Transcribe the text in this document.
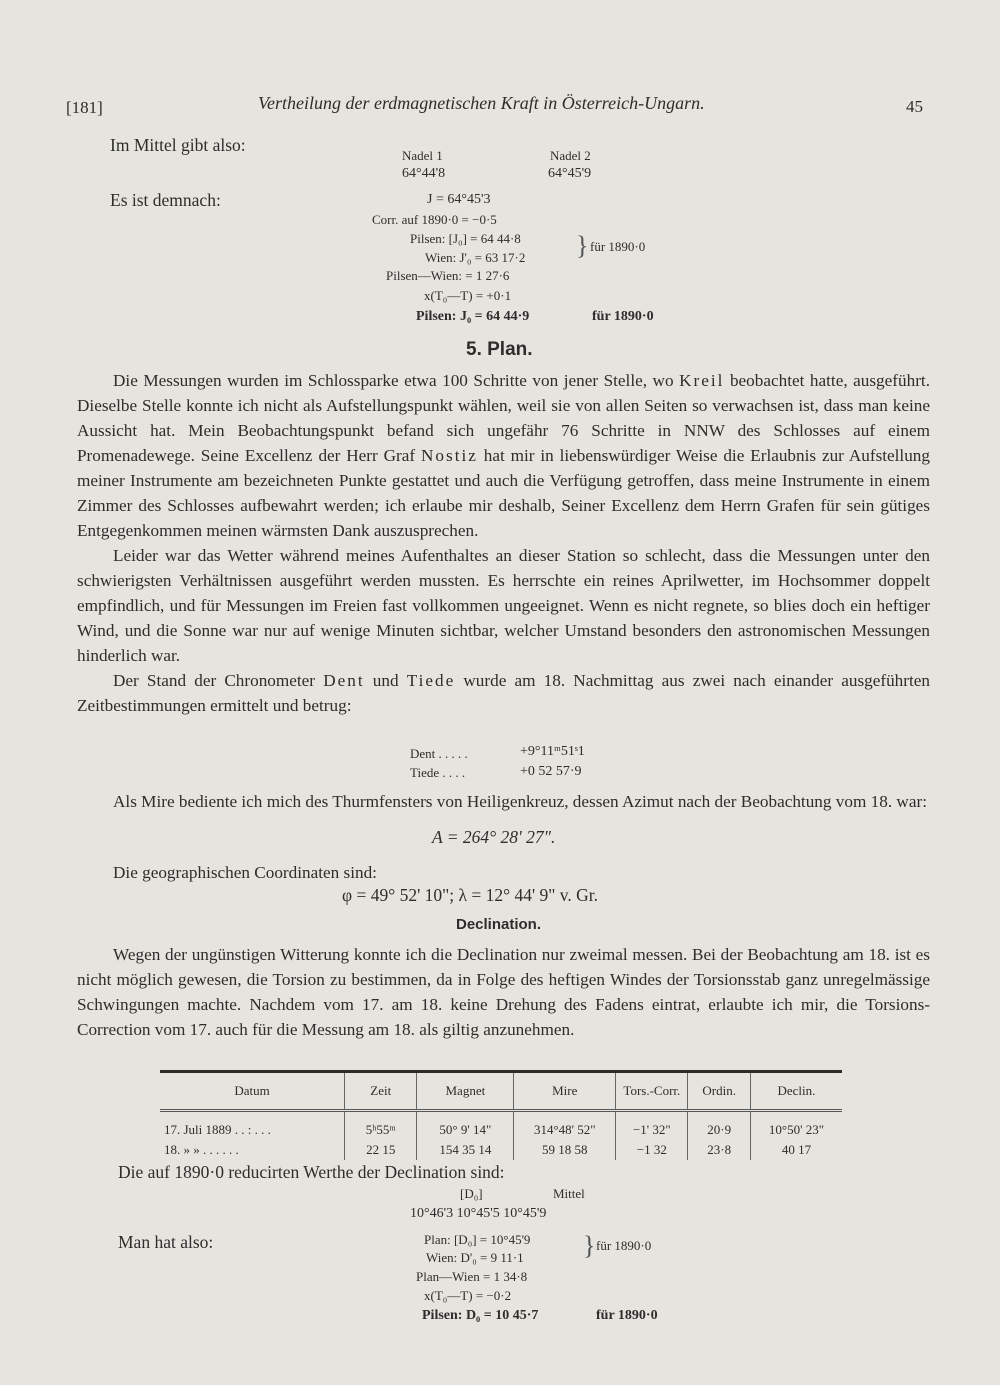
[181]	Vertheilung der erdmagnetischen Kraft in Österreich-Ungarn.	45
Im Mittel gibt also:
Nadel 1	Nadel 2
64°44'8	64°45'9
Es ist demnach:	J = 64°45'3
Corr. auf 1890·0 = −0·5
Pilsen: [J₀] = 64 44·8
Wien: J'₀ = 63 17·2
Pilsen—Wien: = 1 27·6
x(T₀—T) = +0·1
} für 1890·0
Pilsen: J₀ = 64 44·9	für 1890·0
5. Plan.

Die Messungen wurden im Schlossparke etwa 100 Schritte von jener Stelle, wo Kreil beobachtet hatte, ausgeführt. Dieselbe Stelle konnte ich nicht als Aufstellungspunkt wählen, weil sie von allen Seiten so verwachsen ist, dass man keine Aussicht hat. Mein Beobachtungspunkt befand sich ungefähr 76 Schritte in NNW des Schlosses auf einem Promenadewege. Seine Excellenz der Herr Graf Nostiz hat mir in liebenswürdiger Weise die Erlaubnis zur Aufstellung meiner Instrumente am bezeichneten Punkte gestattet und auch die Verfügung getroffen, dass meine Instrumente in einem Zimmer des Schlosses aufbewahrt werden; ich erlaube mir deshalb, Seiner Excellenz dem Herrn Grafen für sein gütiges Entgegenkommen meinen wärmsten Dank auszusprechen.

Leider war das Wetter während meines Aufenthaltes an dieser Station so schlecht, dass die Messungen unter den schwierigsten Verhältnissen ausgeführt werden mussten. Es herrschte ein reines Aprilwetter, im Hochsommer doppelt empfindlich, und für Messungen im Freien fast vollkommen ungeeignet. Wenn es nicht regnete, so blies doch ein heftiger Wind, und die Sonne war nur auf wenige Minuten sichtbar, welcher Umstand besonders den astronomischen Messungen hinderlich war.

Der Stand der Chronometer Dent und Tiede wurde am 18. Nachmittag aus zwei nach einander ausgeführten Zeitbestimmungen ermittelt und betrug:

Dent . . . . .	+9°11ᵐ51ˢ1
Tiede . . . .	+0 52 57·9

Als Mire bediente ich mich des Thurmfensters von Heiligenkreuz, dessen Azimut nach der Beobachtung vom 18. war:

A = 264° 28' 27".

Die geographischen Coordinaten sind:

φ = 49° 52' 10"; λ = 12° 44' 9" v. Gr.
Declination.

Wegen der ungünstigen Witterung konnte ich die Declination nur zweimal messen. Bei der Beobachtung am 18. ist es nicht möglich gewesen, die Torsion zu bestimmen, da in Folge des heftigen Windes der Torsionsstab ganz unregelmässige Schwingungen machte. Nachdem vom 17. am 18. keine Drehung des Fadens eintrat, erlaubte ich mir, die Torsions-Correction vom 17. auch für die Messung am 18. als giltig anzunehmen.

Datum	Zeit	Magnet	Mire	Tors.-Corr.	Ordin.	Declin.
17. Juli 1889 . . : . . .	5ʰ55ᵐ	50° 9' 14"	314°48' 52"	−1' 32"	20·9	10°50' 23"
18. » » . . . . . .	22 15	154 35 14	59 18 58	−1 32	23·8	40 17
Die auf 1890·0 reducirten Werthe der Declination sind:
[D₀]	Mittel
10°46'3 10°45'5 10°45'9
Man hat also:	Plan: [D₀] = 10°45'9
Wien: D'₀ = 9 11·1
Plan—Wien = 1 34·8
x(T₀—T) = −0·2
} für 1890·0
Pilsen: D₀ = 10 45·7	für 1890·0
